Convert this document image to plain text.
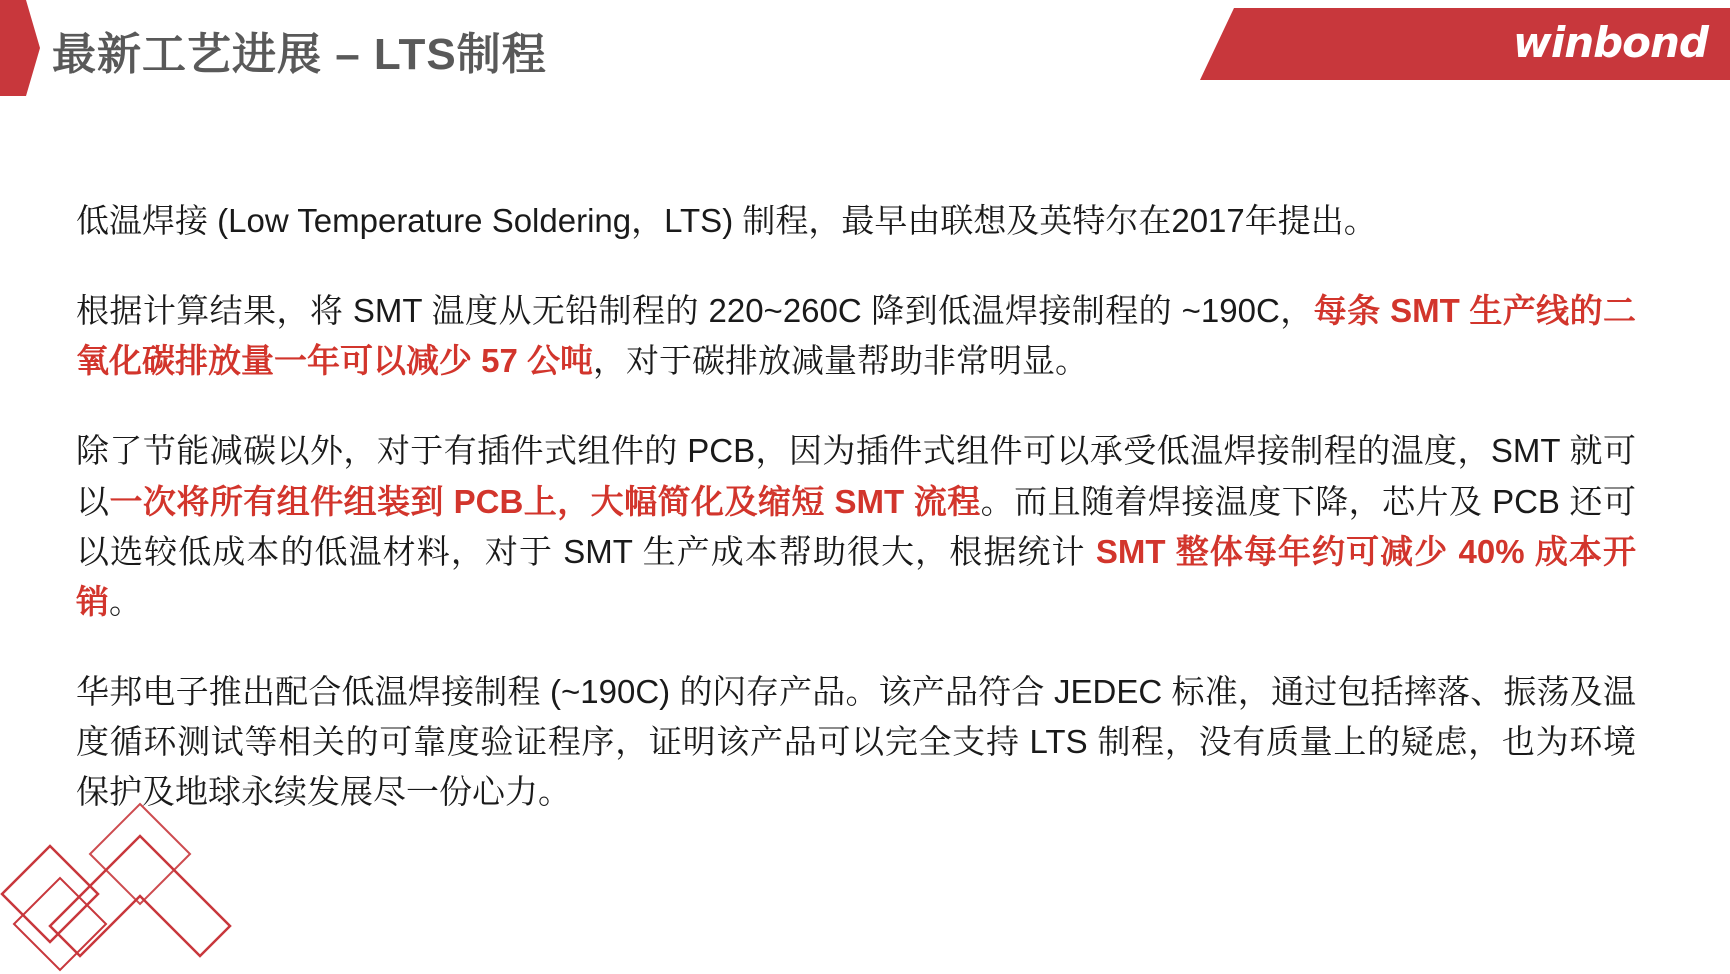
最新工艺进展 – LTS制程	winbond

低温焊接 (Low Temperature Soldering，LTS) 制程，最早由联想及英特尔在2017年提出。

根据计算结果，将 SMT 温度从无铅制程的 220~260C 降到低温焊接制程的 ~190C，每条 SMT 生产线的二氧化碳排放量一年可以减少 57 公吨，对于碳排放减量帮助非常明显。

除了节能减碳以外，对于有插件式组件的 PCB，因为插件式组件可以承受低温焊接制程的温度，SMT 就可以一次将所有组件组装到 PCB上，大幅简化及缩短 SMT 流程。而且随着焊接温度下降，芯片及 PCB 还可以选较低成本的低温材料，对于 SMT 生产成本帮助很大，根据统计 SMT 整体每年约可减少 40% 成本开销。

华邦电子推出配合低温焊接制程 (~190C) 的闪存产品。该产品符合 JEDEC 标准，通过包括摔落、振荡及温度循环测试等相关的可靠度验证程序，证明该产品可以完全支持 LTS 制程，没有质量上的疑虑，也为环境保护及地球永续发展尽一份心力。
